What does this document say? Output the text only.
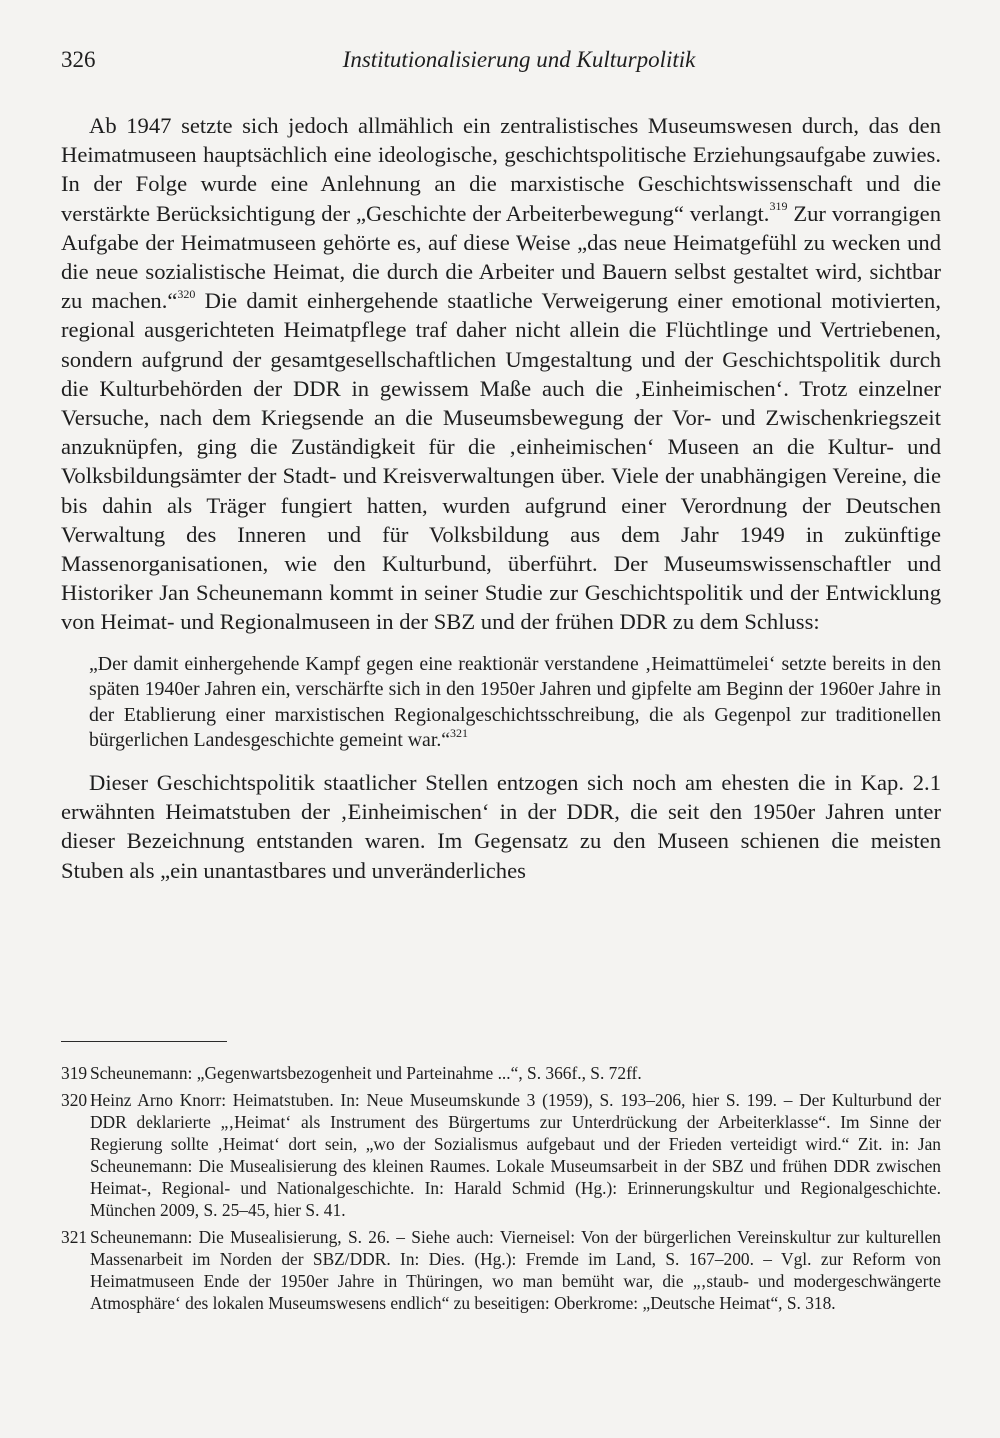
326	Institutionalisierung und Kulturpolitik

Ab 1947 setzte sich jedoch allmählich ein zentralistisches Museumswesen durch, das den Heimatmuseen hauptsächlich eine ideologische, geschichtspolitische Erziehungsaufgabe zuwies. In der Folge wurde eine Anlehnung an die marxistische Geschichtswissenschaft und die verstärkte Berücksichtigung der „Geschichte der Arbeiterbewegung“ verlangt.$^{319}$ Zur vorrangigen Aufgabe der Heimatmuseen gehörte es, auf diese Weise „das neue Heimatgefühl zu wecken und die neue sozialistische Heimat, die durch die Arbeiter und Bauern selbst gestaltet wird, sichtbar zu machen.“$^{320}$ Die damit einhergehende staatliche Verweigerung einer emotional motivierten, regional ausgerichteten Heimatpflege traf daher nicht allein die Flüchtlinge und Vertriebenen, sondern aufgrund der gesamtgesellschaftlichen Umgestaltung und der Geschichtspolitik durch die Kulturbehörden der DDR in gewissem Maße auch die ‚Einheimischen‘. Trotz einzelner Versuche, nach dem Kriegsende an die Museumsbewegung der Vor- und Zwischenkriegszeit anzuknüpfen, ging die Zuständigkeit für die ‚einheimischen‘ Museen an die Kultur- und Volksbildungsämter der Stadt- und Kreisverwaltungen über. Viele der unabhängigen Vereine, die bis dahin als Träger fungiert hatten, wurden aufgrund einer Verordnung der Deutschen Verwaltung des Inneren und für Volksbildung aus dem Jahr 1949 in zukünftige Massenorganisationen, wie den Kulturbund, überführt. Der Museumswissenschaftler und Historiker Jan Scheunemann kommt in seiner Studie zur Geschichtspolitik und der Entwicklung von Heimat- und Regionalmuseen in der SBZ und der frühen DDR zu dem Schluss:

„Der damit einhergehende Kampf gegen eine reaktionär verstandene ‚Heimattümelei‘ setzte bereits in den späten 1940er Jahren ein, verschärfte sich in den 1950er Jahren und gipfelte am Beginn der 1960er Jahre in der Etablierung einer marxistischen Regionalgeschichtsschreibung, die als Gegenpol zur traditionellen bürgerlichen Landesgeschichte gemeint war.“$^{321}$

Dieser Geschichtspolitik staatlicher Stellen entzogen sich noch am ehesten die in Kap. 2.1 erwähnten Heimatstuben der ‚Einheimischen‘ in der DDR, die seit den 1950er Jahren unter dieser Bezeichnung entstanden waren. Im Gegensatz zu den Museen schienen die meisten Stuben als „ein unantastbares und unveränderliches

319 Scheunemann: „Gegenwartsbezogenheit und Parteinahme ...“, S. 366f., S. 72ff.
320 Heinz Arno Knorr: Heimatstuben. In: Neue Museumskunde 3 (1959), S. 193–206, hier S. 199. – Der Kulturbund der DDR deklarierte „‚Heimat‘ als Instrument des Bürgertums zur Unterdrückung der Arbeiterklasse“. Im Sinne der Regierung sollte ‚Heimat‘ dort sein, „wo der Sozialismus aufgebaut und der Frieden verteidigt wird.“ Zit. in: Jan Scheunemann: Die Musealisierung des kleinen Raumes. Lokale Museumsarbeit in der SBZ und frühen DDR zwischen Heimat-, Regional- und Nationalgeschichte. In: Harald Schmid (Hg.): Erinnerungskultur und Regionalgeschichte. München 2009, S. 25–45, hier S. 41.
321 Scheunemann: Die Musealisierung, S. 26. – Siehe auch: Vierneisel: Von der bürgerlichen Vereinskultur zur kulturellen Massenarbeit im Norden der SBZ/DDR. In: Dies. (Hg.): Fremde im Land, S. 167–200. – Vgl. zur Reform von Heimatmuseen Ende der 1950er Jahre in Thüringen, wo man bemüht war, die „‚staub- und modergeschwängerte Atmosphäre‘ des lokalen Museumswesens endlich“ zu beseitigen: Oberkrome: „Deutsche Heimat“, S. 318.
